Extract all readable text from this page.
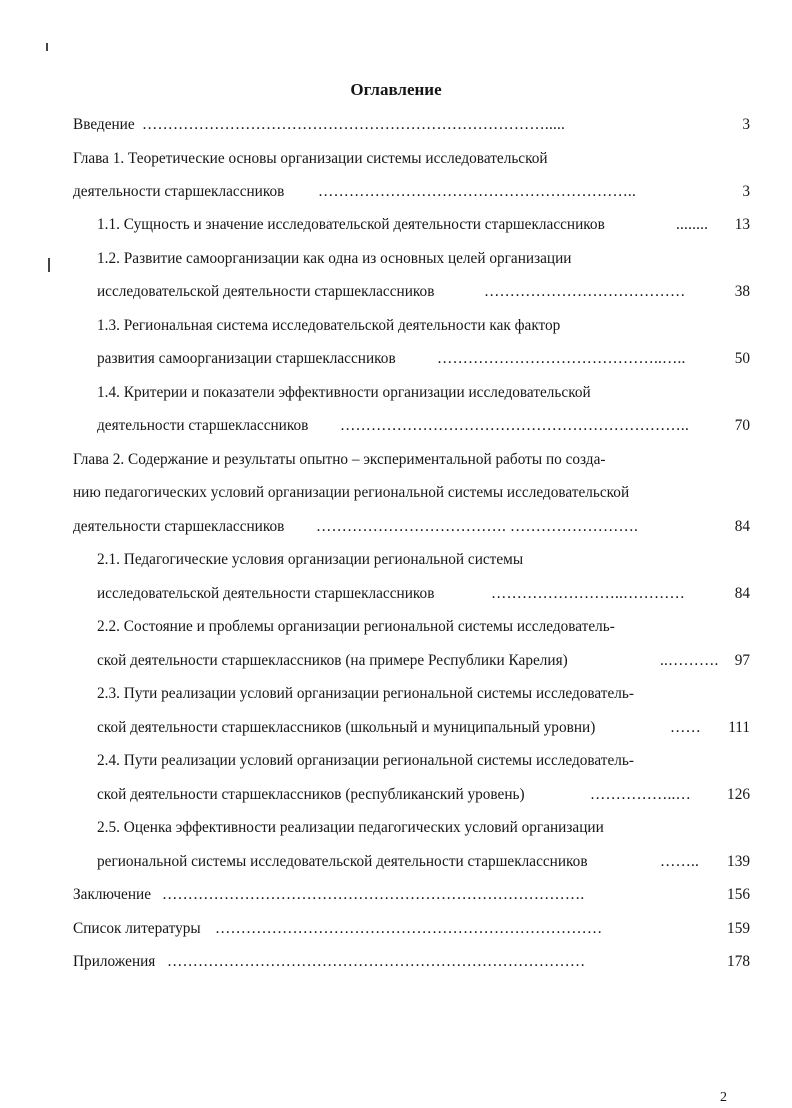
Оглавление
Введение …………………………………………………………………….....	3
Глава 1. Теоретические основы организации системы исследовательской
деятельности старшеклассников ……………………………………………………..	3
1.1. Сущность и значение исследовательской деятельности старшеклассников	........	13
1.2. Развитие самоорганизации как одна из основных целей организации
исследовательской деятельности старшеклассников	…………………………………	38
1.3. Региональная система исследовательской деятельности как фактор
развития самоорганизации старшеклассников	……………………………………..…..	50
1.4. Критерии и показатели эффективности организации исследовательской
деятельности старшеклассников …………………………………………………………..	70
Глава 2. Содержание и результаты опытно – экспериментальной работы по созда-
нию педагогических условий организации региональной системы исследовательской
деятельности старшеклассников ………………………………. …………………….	84
2.1. Педагогические условия организации региональной системы
исследовательской деятельности старшеклассников	……………………..…………	84
2.2. Состояние и проблемы организации региональной системы исследователь-
ской деятельности старшеклассников (на примере Республики Карелия)	..……….	97
2.3. Пути реализации условий организации региональной системы исследователь-
ской деятельности старшеклассников (школьный и муниципальный уровни)	……	111
2.4. Пути реализации условий организации региональной системы исследователь-
ской деятельности старшеклассников (республиканский уровень)	……………..…	126
2.5. Оценка эффективности реализации педагогических условий организации
региональной системы исследовательской деятельности старшеклассников	……..	139
Заключение ……………………………………………………………………….	156
Список литературы …………………………………………………………………	159
Приложения ………………………………………………………………………	178
2
